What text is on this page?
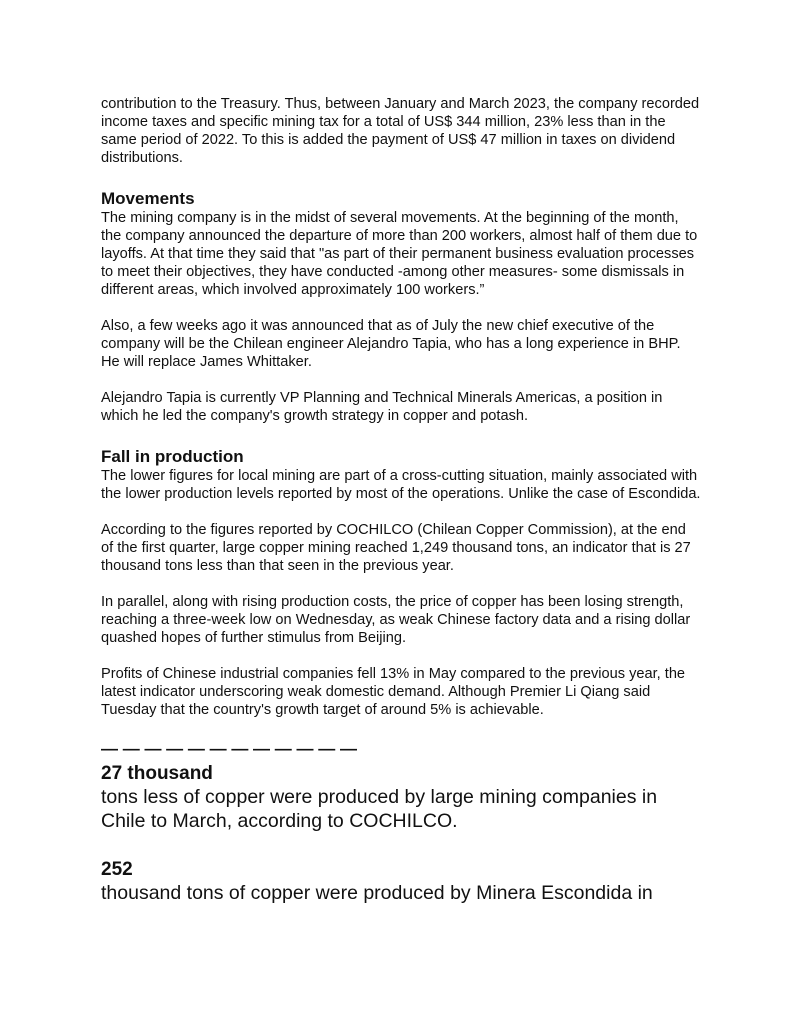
contribution to the Treasury. Thus, between January and March 2023, the company recorded income taxes and specific mining tax for a total of US$ 344 million, 23% less than in the same period of 2022. To this is added the payment of US$ 47 million in taxes on dividend distributions.

Movements

The mining company is in the midst of several movements. At the beginning of the month, the company announced the departure of more than 200 workers, almost half of them due to layoffs. At that time they said that "as part of their permanent business evaluation processes to meet their objectives, they have conducted -among other measures- some dismissals in different areas, which involved approximately 100 workers.”

Also, a few weeks ago it was announced that as of July the new chief executive of the company will be the Chilean engineer Alejandro Tapia, who has a long experience in BHP. He will replace James Whittaker.

Alejandro Tapia is currently VP Planning and Technical Minerals Americas, a position in which he led the company's growth strategy in copper and potash.

Fall in production

The lower figures for local mining are part of a cross-cutting situation, mainly associated with the lower production levels reported by most of the operations. Unlike the case of Escondida.

According to the figures reported by COCHILCO (Chilean Copper Commission), at the end of the first quarter, large copper mining reached 1,249 thousand tons, an indicator that is 27 thousand tons less than that seen in the previous year.

In parallel, along with rising production costs, the price of copper has been losing strength, reaching a three-week low on Wednesday, as weak Chinese factory data and a rising dollar quashed hopes of further stimulus from Beijing.

Profits of Chinese industrial companies fell 13% in May compared to the previous year, the latest indicator underscoring weak domestic demand. Although Premier Li Qiang said Tuesday that the country's growth target of around 5% is achievable.

— — — — — — — — — — — —
27 thousand
tons less of copper were produced by large mining companies in Chile to March, according to COCHILCO.
252
thousand tons of copper were produced by Minera Escondida in
